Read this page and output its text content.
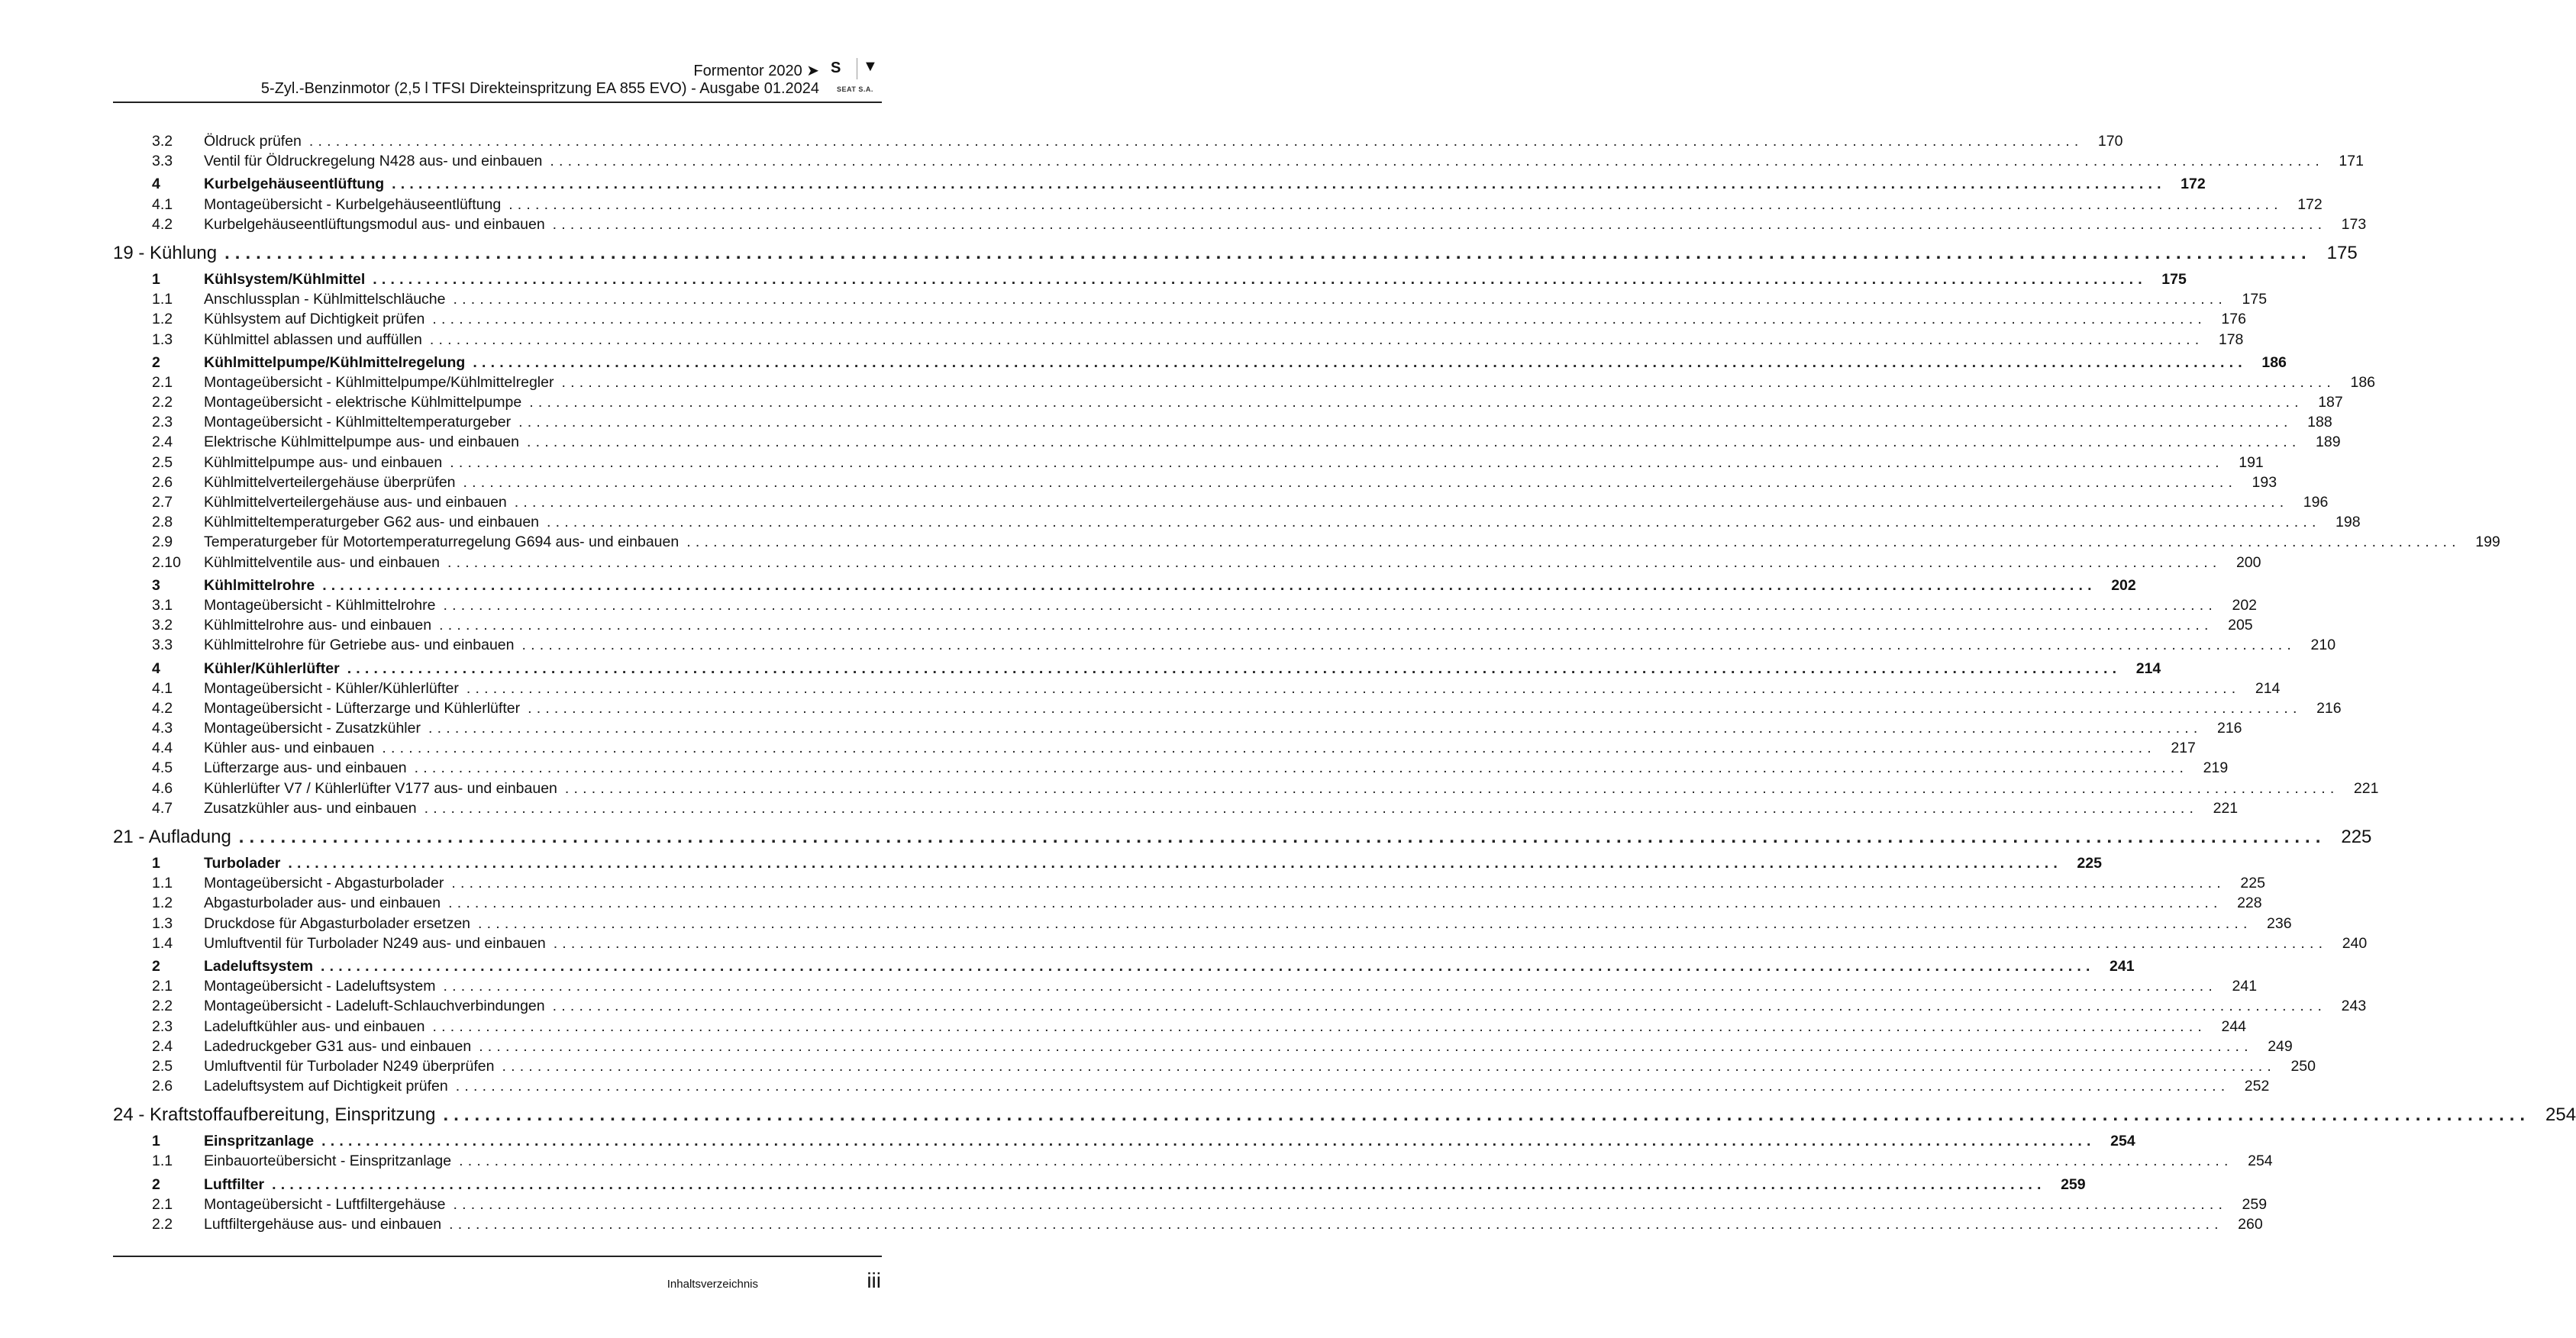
Formentor 2020 ➤
5-Zyl.-Benzinmotor (2,5 l TFSI Direkteinspritzung EA 855 EVO) - Ausgabe 01.2024
S ▼
SEAT S.A.
3.2	Öldruck prüfen ........................................................................................................................................................................................................ 170
3.3	Ventil für Öldruckregelung N428 aus- und einbauen ........................................................................................................................................................................................................ 171
4	Kurbelgehäuseentlüftung ........................................................................................................................................................................................................ 172
4.1	Montageübersicht - Kurbelgehäuseentlüftung ........................................................................................................................................................................................................ 172
4.2	Kurbelgehäuseentlüftungsmodul aus- und einbauen ........................................................................................................................................................................................................ 173
19 - Kühlung ........................................................................................................................................................................................................ 175
1	Kühlsystem/Kühlmittel ........................................................................................................................................................................................................ 175
1.1	Anschlussplan - Kühlmittelschläuche ........................................................................................................................................................................................................ 175
1.2	Kühlsystem auf Dichtigkeit prüfen ........................................................................................................................................................................................................ 176
1.3	Kühlmittel ablassen und auffüllen ........................................................................................................................................................................................................ 178
2	Kühlmittelpumpe/Kühlmittelregelung ........................................................................................................................................................................................................ 186
2.1	Montageübersicht - Kühlmittelpumpe/Kühlmittelregler ........................................................................................................................................................................................................ 186
2.2	Montageübersicht - elektrische Kühlmittelpumpe ........................................................................................................................................................................................................ 187
2.3	Montageübersicht - Kühlmitteltemperaturgeber ........................................................................................................................................................................................................ 188
2.4	Elektrische Kühlmittelpumpe aus- und einbauen ........................................................................................................................................................................................................ 189
2.5	Kühlmittelpumpe aus- und einbauen ........................................................................................................................................................................................................ 191
2.6	Kühlmittelverteilergehäuse überprüfen ........................................................................................................................................................................................................ 193
2.7	Kühlmittelverteilergehäuse aus- und einbauen ........................................................................................................................................................................................................ 196
2.8	Kühlmitteltemperaturgeber G62 aus- und einbauen ........................................................................................................................................................................................................ 198
2.9	Temperaturgeber für Motortemperaturregelung G694 aus- und einbauen ........................................................................................................................................................................................................ 199
2.10	Kühlmittelventile aus- und einbauen ........................................................................................................................................................................................................ 200
3	Kühlmittelrohre ........................................................................................................................................................................................................ 202
3.1	Montageübersicht - Kühlmittelrohre ........................................................................................................................................................................................................ 202
3.2	Kühlmittelrohre aus- und einbauen ........................................................................................................................................................................................................ 205
3.3	Kühlmittelrohre für Getriebe aus- und einbauen ........................................................................................................................................................................................................ 210
4	Kühler/Kühlerlüfter ........................................................................................................................................................................................................ 214
4.1	Montageübersicht - Kühler/Kühlerlüfter ........................................................................................................................................................................................................ 214
4.2	Montageübersicht - Lüfterzarge und Kühlerlüfter ........................................................................................................................................................................................................ 216
4.3	Montageübersicht - Zusatzkühler ........................................................................................................................................................................................................ 216
4.4	Kühler aus- und einbauen ........................................................................................................................................................................................................ 217
4.5	Lüfterzarge aus- und einbauen ........................................................................................................................................................................................................ 219
4.6	Kühlerlüfter V7 / Kühlerlüfter V177 aus- und einbauen ........................................................................................................................................................................................................ 221
4.7	Zusatzkühler aus- und einbauen ........................................................................................................................................................................................................ 221
21 - Aufladung ........................................................................................................................................................................................................ 225
1	Turbolader ........................................................................................................................................................................................................ 225
1.1	Montageübersicht - Abgasturbolader ........................................................................................................................................................................................................ 225
1.2	Abgasturbolader aus- und einbauen ........................................................................................................................................................................................................ 228
1.3	Druckdose für Abgasturbolader ersetzen ........................................................................................................................................................................................................ 236
1.4	Umluftventil für Turbolader N249 aus- und einbauen ........................................................................................................................................................................................................ 240
2	Ladeluftsystem ........................................................................................................................................................................................................ 241
2.1	Montageübersicht - Ladeluftsystem ........................................................................................................................................................................................................ 241
2.2	Montageübersicht - Ladeluft-Schlauchverbindungen ........................................................................................................................................................................................................ 243
2.3	Ladeluftkühler aus- und einbauen ........................................................................................................................................................................................................ 244
2.4	Ladedruckgeber G31 aus- und einbauen ........................................................................................................................................................................................................ 249
2.5	Umluftventil für Turbolader N249 überprüfen ........................................................................................................................................................................................................ 250
2.6	Ladeluftsystem auf Dichtigkeit prüfen ........................................................................................................................................................................................................ 252
24 - Kraftstoffaufbereitung, Einspritzung ........................................................................................................................................................................................................ 254
1	Einspritzanlage ........................................................................................................................................................................................................ 254
1.1	Einbauorteübersicht - Einspritzanlage ........................................................................................................................................................................................................ 254
2	Luftfilter ........................................................................................................................................................................................................ 259
2.1	Montageübersicht - Luftfiltergehäuse ........................................................................................................................................................................................................ 259
2.2	Luftfiltergehäuse aus- und einbauen ........................................................................................................................................................................................................ 260
Inhaltsverzeichnis	iii
